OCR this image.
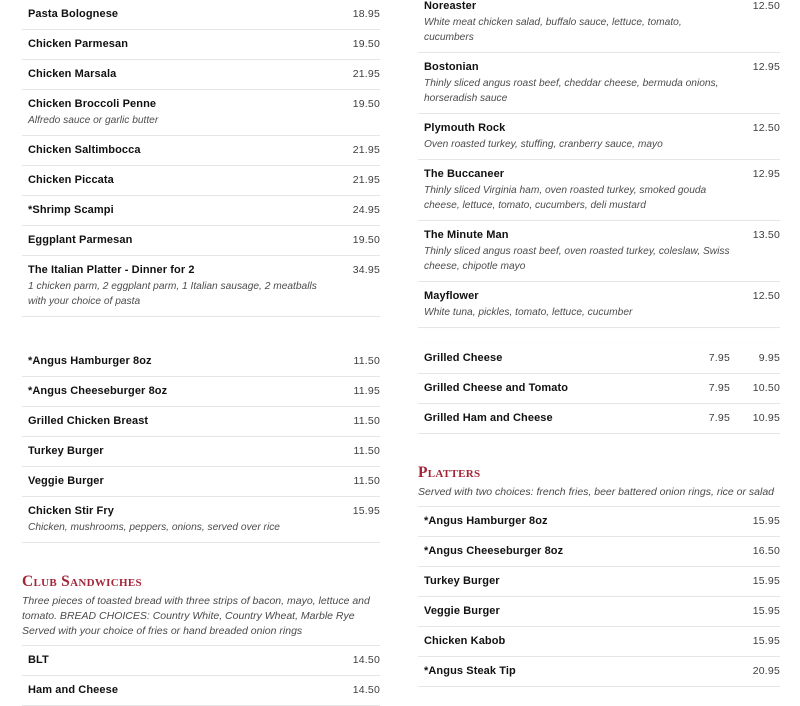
Pasta Bolognese	18.95
Chicken Parmesan	19.50
Chicken Marsala	21.95
Chicken Broccoli Penne	19.50
Alfredo sauce or garlic butter
Chicken Saltimbocca	21.95
Chicken Piccata	21.95
*Shrimp Scampi	24.95
Eggplant Parmesan	19.50
The Italian Platter - Dinner for 2	34.95
1 chicken parm, 2 eggplant parm, 1 Italian sausage, 2 meatballs with your choice of pasta
*Angus Hamburger 8oz	11.50
*Angus Cheeseburger 8oz	11.95
Grilled Chicken Breast	11.50
Turkey Burger	11.50
Veggie Burger	11.50
Chicken Stir Fry	15.95
Chicken, mushrooms, peppers, onions, served over rice
Club Sandwiches

Three pieces of toasted bread with three strips of bacon, mayo, lettuce and tomato. BREAD CHOICES: Country White, Country Wheat, Marble Rye Served with your choice of fries or hand breaded onion rings

BLT	14.50
Ham and Cheese	14.50
Noreaster	12.50
White meat chicken salad, buffalo sauce, lettuce, tomato, cucumbers
Bostonian	12.95
Thinly sliced angus roast beef, cheddar cheese, bermuda onions, horseradish sauce
Plymouth Rock	12.50
Oven roasted turkey, stuffing, cranberry sauce, mayo
The Buccaneer	12.95
Thinly sliced Virginia ham, oven roasted turkey, smoked gouda cheese, lettuce, tomato, cucumbers, deli mustard
The Minute Man	13.50
Thinly sliced angus roast beef, oven roasted turkey, coleslaw, Swiss cheese, chipotle mayo
Mayflower	12.50
White tuna, pickles, tomato, lettuce, cucumber
Grilled Cheese	7.95	9.95
Grilled Cheese and Tomato	7.95	10.50
Grilled Ham and Cheese	7.95	10.95
Platters

Served with two choices: french fries, beer battered onion rings, rice or salad

*Angus Hamburger 8oz	15.95
*Angus Cheeseburger 8oz	16.50
Turkey Burger	15.95
Veggie Burger	15.95
Chicken Kabob	15.95
*Angus Steak Tip	20.95
